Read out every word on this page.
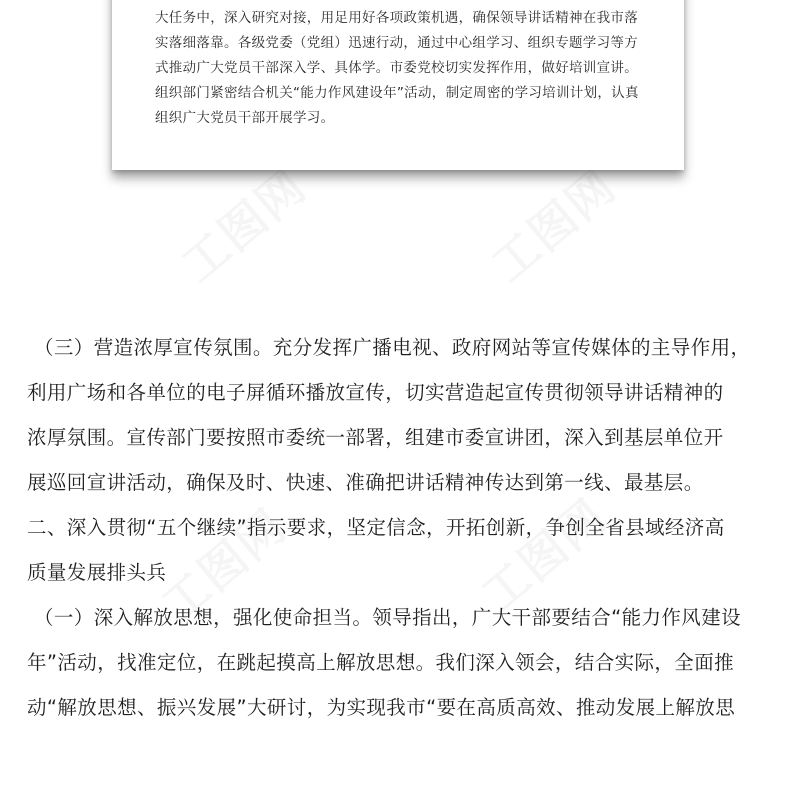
工图网	工图网
工图网	工图网
大任务中，深入研究对接，用足用好各项政策机遇，确保领导讲话精神在我市落
实落细落靠。各级党委（党组）迅速行动，通过中心组学习、组织专题学习等方
式推动广大党员干部深入学、具体学。市委党校切实发挥作用，做好培训宣讲。
组织部门紧密结合机关“能力作风建设年”活动，制定周密的学习培训计划，认真
组织广大党员干部开展学习。
（三）营造浓厚宣传氛围。充分发挥广播电视、政府网站等宣传媒体的主导作用，
利用广场和各单位的电子屏循环播放宣传，切实营造起宣传贯彻领导讲话精神的
浓厚氛围。宣传部门要按照市委统一部署，组建市委宣讲团，深入到基层单位开
展巡回宣讲活动，确保及时、快速、准确把讲话精神传达到第一线、最基层。
二、深入贯彻“五个继续”指示要求，坚定信念，开拓创新，争创全省县域经济高
质量发展排头兵
（一）深入解放思想，强化使命担当。领导指出，广大干部要结合“能力作风建设
年”活动，找准定位，在跳起摸高上解放思想。我们深入领会，结合实际，全面推
动“解放思想、振兴发展”大研讨，为实现我市“要在高质高效、推动发展上解放思
